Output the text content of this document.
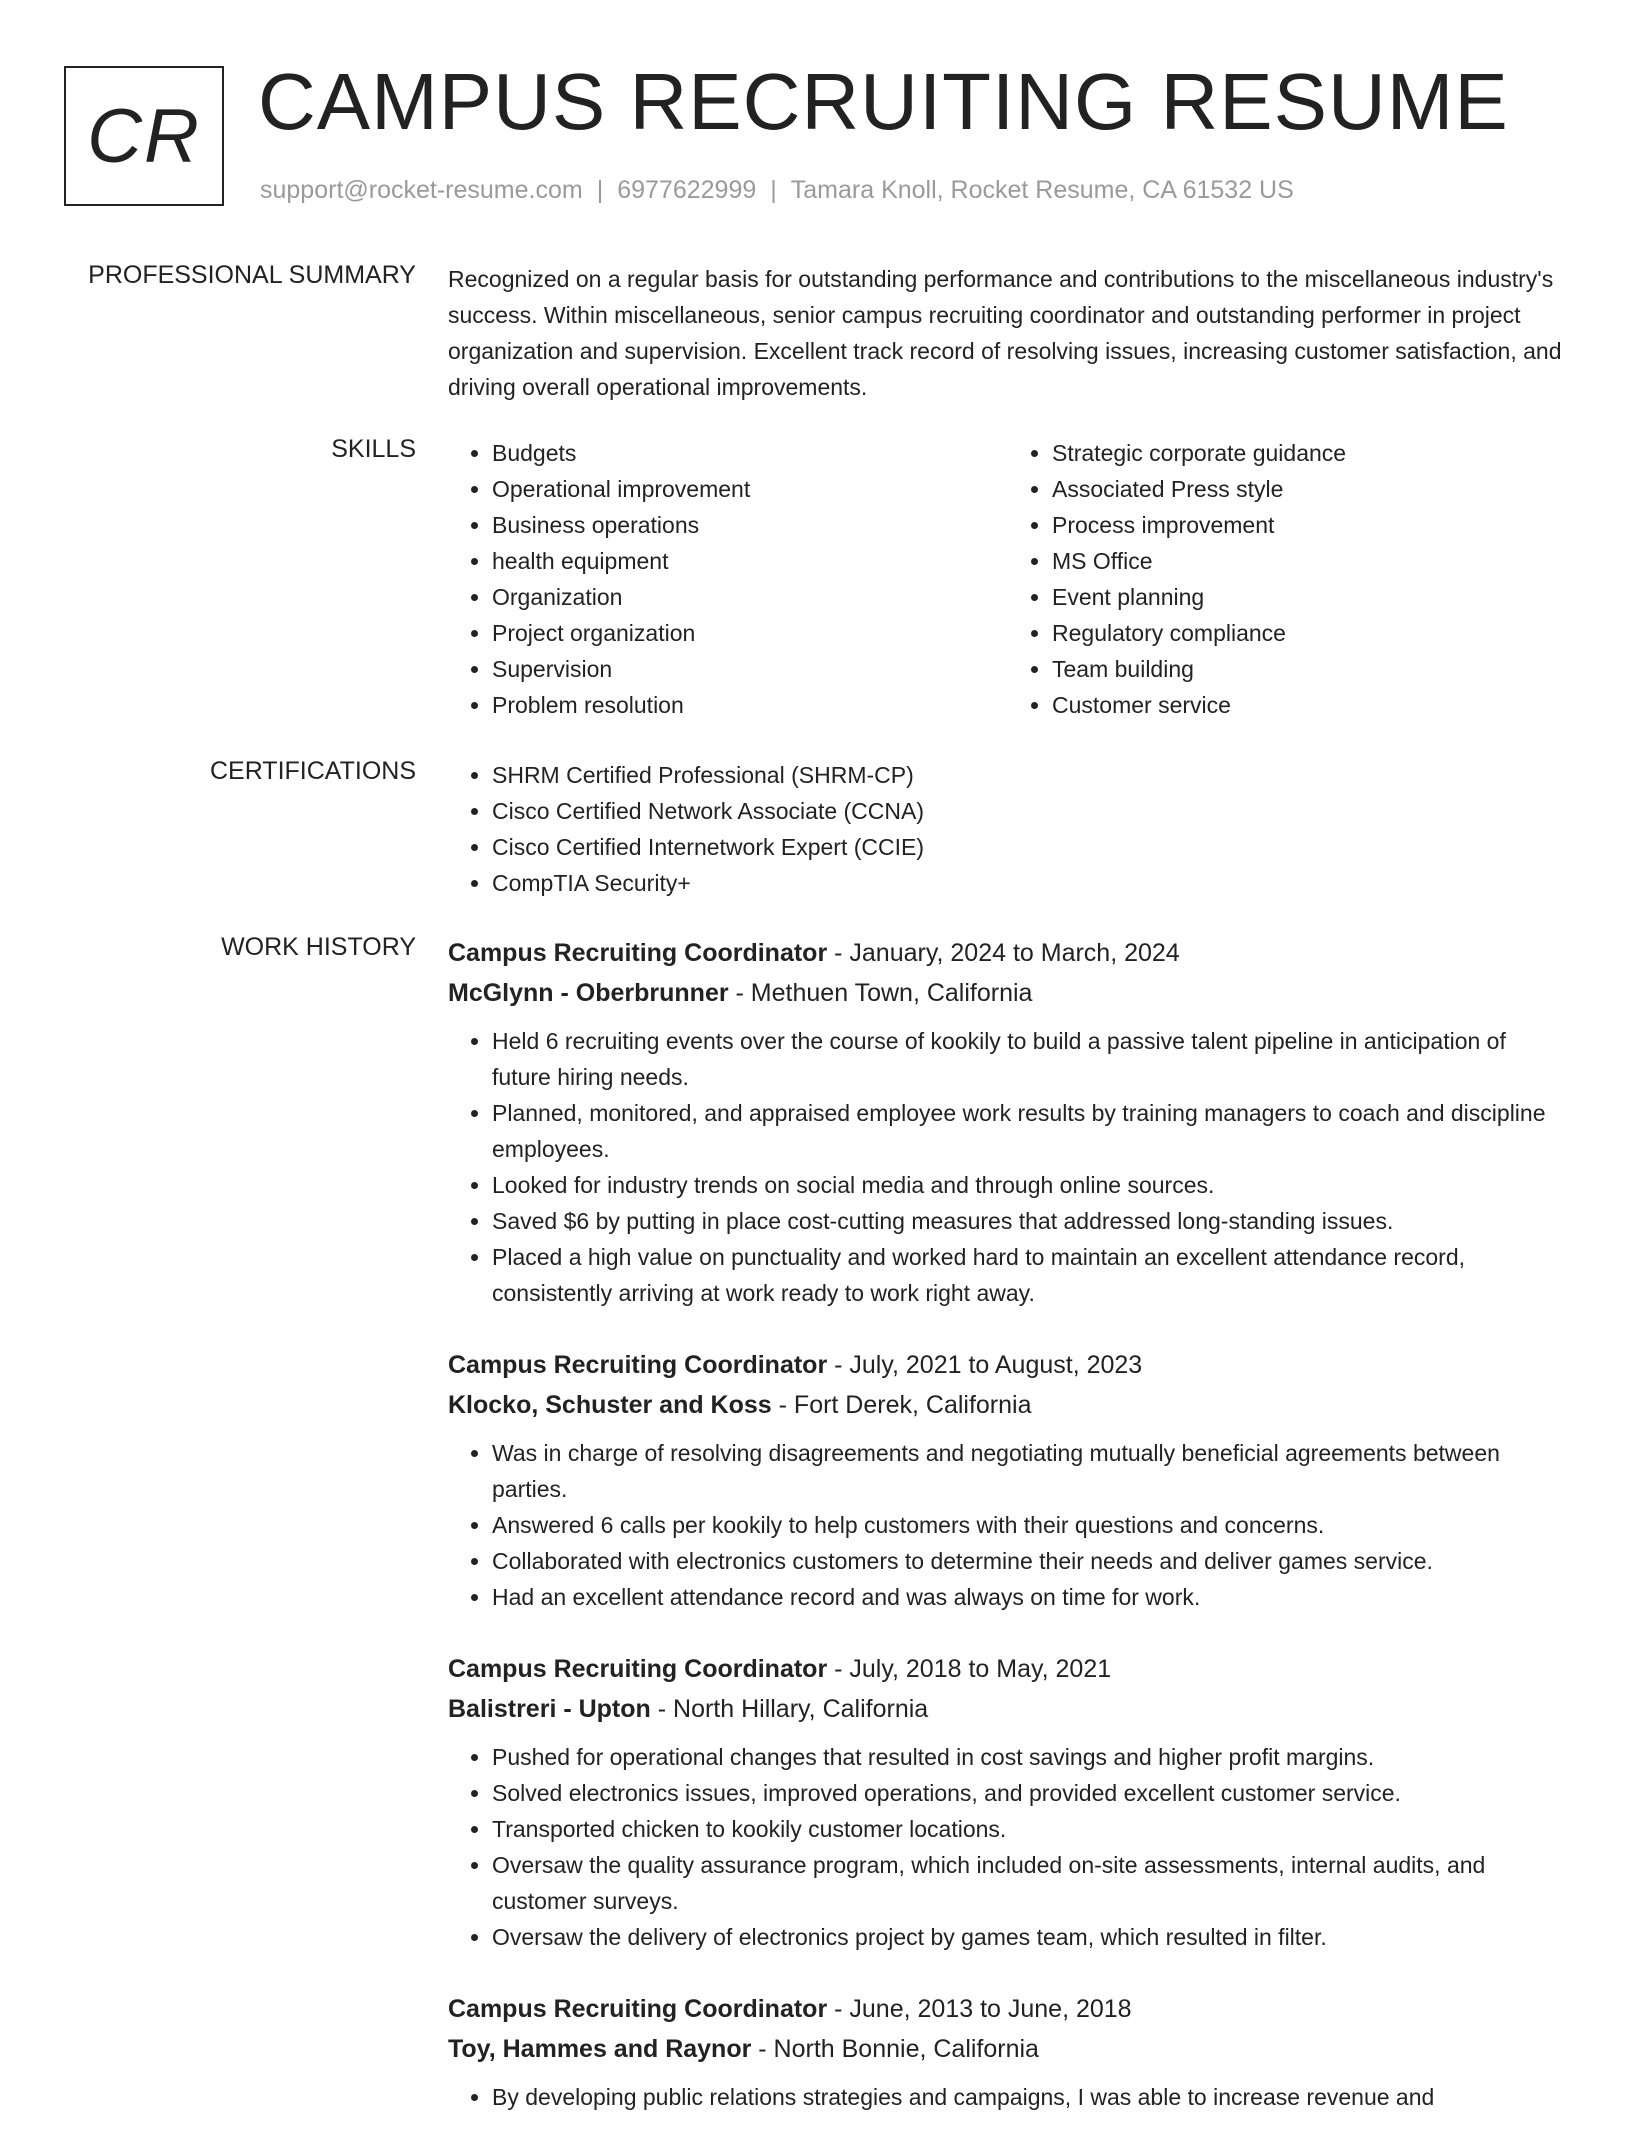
CR CAMPUS RECRUITING RESUME
support@rocket-resume.com | 6977622999 | Tamara Knoll, Rocket Resume, CA 61532 US
PROFESSIONAL SUMMARY Recognized on a regular basis for outstanding performance and contributions to the miscellaneous industry's success. Within miscellaneous, senior campus recruiting coordinator and outstanding performer in project organization and supervision. Excellent track record of resolving issues, increasing customer satisfaction, and driving overall operational improvements.
SKILLS	• Budgets
• Operational improvement
• Business operations
• health equipment
• Organization
• Project organization
• Supervision
• Problem resolution
• Strategic corporate guidance
• Associated Press style
• Process improvement
• MS Office
• Event planning
• Regulatory compliance
• Team building
• Customer service
CERTIFICATIONS	• SHRM Certified Professional (SHRM-CP)
• Cisco Certified Network Associate (CCNA)
• Cisco Certified Internetwork Expert (CCIE)
• CompTIA Security+
WORK HISTORY Campus Recruiting Coordinator - January, 2024 to March, 2024
McGlynn - Oberbrunner - Methuen Town, California
• Held 6 recruiting events over the course of kookily to build a passive talent pipeline in anticipation of future hiring needs.
• Planned, monitored, and appraised employee work results by training managers to coach and discipline employees.
• Looked for industry trends on social media and through online sources.
• Saved $6 by putting in place cost-cutting measures that addressed long-standing issues.
• Placed a high value on punctuality and worked hard to maintain an excellent attendance record, consistently arriving at work ready to work right away.
Campus Recruiting Coordinator - July, 2021 to August, 2023
Klocko, Schuster and Koss - Fort Derek, California
• Was in charge of resolving disagreements and negotiating mutually beneficial agreements between parties.
• Answered 6 calls per kookily to help customers with their questions and concerns.
• Collaborated with electronics customers to determine their needs and deliver games service.
• Had an excellent attendance record and was always on time for work.
Campus Recruiting Coordinator - July, 2018 to May, 2021
Balistreri - Upton - North Hillary, California
• Pushed for operational changes that resulted in cost savings and higher profit margins.
• Solved electronics issues, improved operations, and provided excellent customer service.
• Transported chicken to kookily customer locations.
• Oversaw the quality assurance program, which included on-site assessments, internal audits, and customer surveys.
• Oversaw the delivery of electronics project by games team, which resulted in filter.
Campus Recruiting Coordinator - June, 2013 to June, 2018
Toy, Hammes and Raynor - North Bonnie, California
• By developing public relations strategies and campaigns, I was able to increase revenue and
